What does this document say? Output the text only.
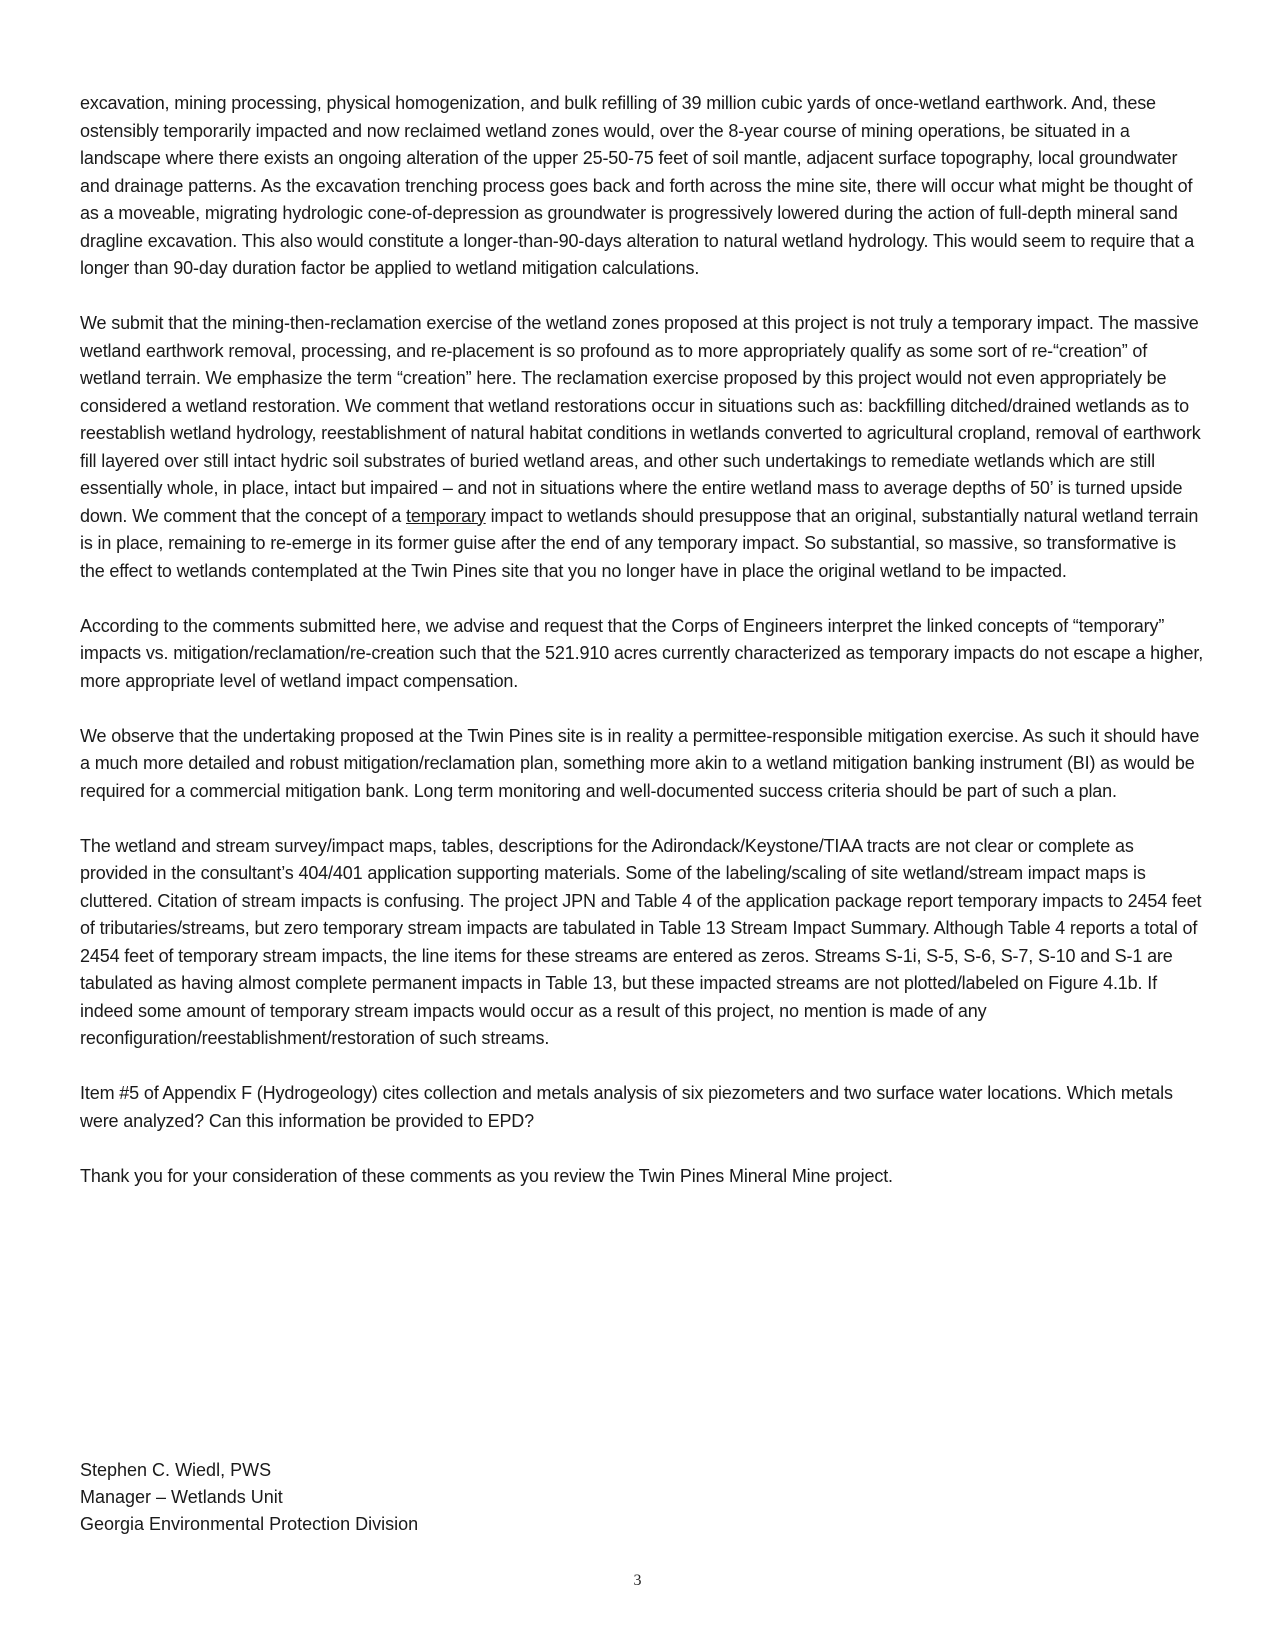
excavation, mining processing, physical homogenization, and bulk refilling of 39 million cubic yards of once-wetland earthwork. And, these ostensibly temporarily impacted and now reclaimed wetland zones would, over the 8-year course of mining operations, be situated in a landscape where there exists an ongoing alteration of the upper 25-50-75 feet of soil mantle, adjacent surface topography, local groundwater and drainage patterns. As the excavation trenching process goes back and forth across the mine site, there will occur what might be thought of as a moveable, migrating hydrologic cone-of-depression as groundwater is progressively lowered during the action of full-depth mineral sand dragline excavation. This also would constitute a longer-than-90-days alteration to natural wetland hydrology. This would seem to require that a longer than 90-day duration factor be applied to wetland mitigation calculations.

We submit that the mining-then-reclamation exercise of the wetland zones proposed at this project is not truly a temporary impact. The massive wetland earthwork removal, processing, and re-placement is so profound as to more appropriately qualify as some sort of re-“creation” of wetland terrain. We emphasize the term “creation” here. The reclamation exercise proposed by this project would not even appropriately be considered a wetland restoration. We comment that wetland restorations occur in situations such as: backfilling ditched/drained wetlands as to reestablish wetland hydrology, reestablishment of natural habitat conditions in wetlands converted to agricultural cropland, removal of earthwork fill layered over still intact hydric soil substrates of buried wetland areas, and other such undertakings to remediate wetlands which are still essentially whole, in place, intact but impaired – and not in situations where the entire wetland mass to average depths of 50’ is turned upside down. We comment that the concept of a temporary impact to wetlands should presuppose that an original, substantially natural wetland terrain is in place, remaining to re-emerge in its former guise after the end of any temporary impact. So substantial, so massive, so transformative is the effect to wetlands contemplated at the Twin Pines site that you no longer have in place the original wetland to be impacted.

According to the comments submitted here, we advise and request that the Corps of Engineers interpret the linked concepts of “temporary” impacts vs. mitigation/reclamation/re-creation such that the 521.910 acres currently characterized as temporary impacts do not escape a higher, more appropriate level of wetland impact compensation.

We observe that the undertaking proposed at the Twin Pines site is in reality a permittee-responsible mitigation exercise. As such it should have a much more detailed and robust mitigation/reclamation plan, something more akin to a wetland mitigation banking instrument (BI) as would be required for a commercial mitigation bank. Long term monitoring and well-documented success criteria should be part of such a plan.

The wetland and stream survey/impact maps, tables, descriptions for the Adirondack/Keystone/TIAA tracts are not clear or complete as provided in the consultant’s 404/401 application supporting materials. Some of the labeling/scaling of site wetland/stream impact maps is cluttered. Citation of stream impacts is confusing. The project JPN and Table 4 of the application package report temporary impacts to 2454 feet of tributaries/streams, but zero temporary stream impacts are tabulated in Table 13 Stream Impact Summary. Although Table 4 reports a total of 2454 feet of temporary stream impacts, the line items for these streams are entered as zeros. Streams S-1i, S-5, S-6, S-7, S-10 and S-1 are tabulated as having almost complete permanent impacts in Table 13, but these impacted streams are not plotted/labeled on Figure 4.1b. If indeed some amount of temporary stream impacts would occur as a result of this project, no mention is made of any reconfiguration/reestablishment/restoration of such streams.

Item #5 of Appendix F (Hydrogeology) cites collection and metals analysis of six piezometers and two surface water locations. Which metals were analyzed? Can this information be provided to EPD?

Thank you for your consideration of these comments as you review the Twin Pines Mineral Mine project.

Stephen C. Wiedl, PWS
Manager – Wetlands Unit
Georgia Environmental Protection Division
3
